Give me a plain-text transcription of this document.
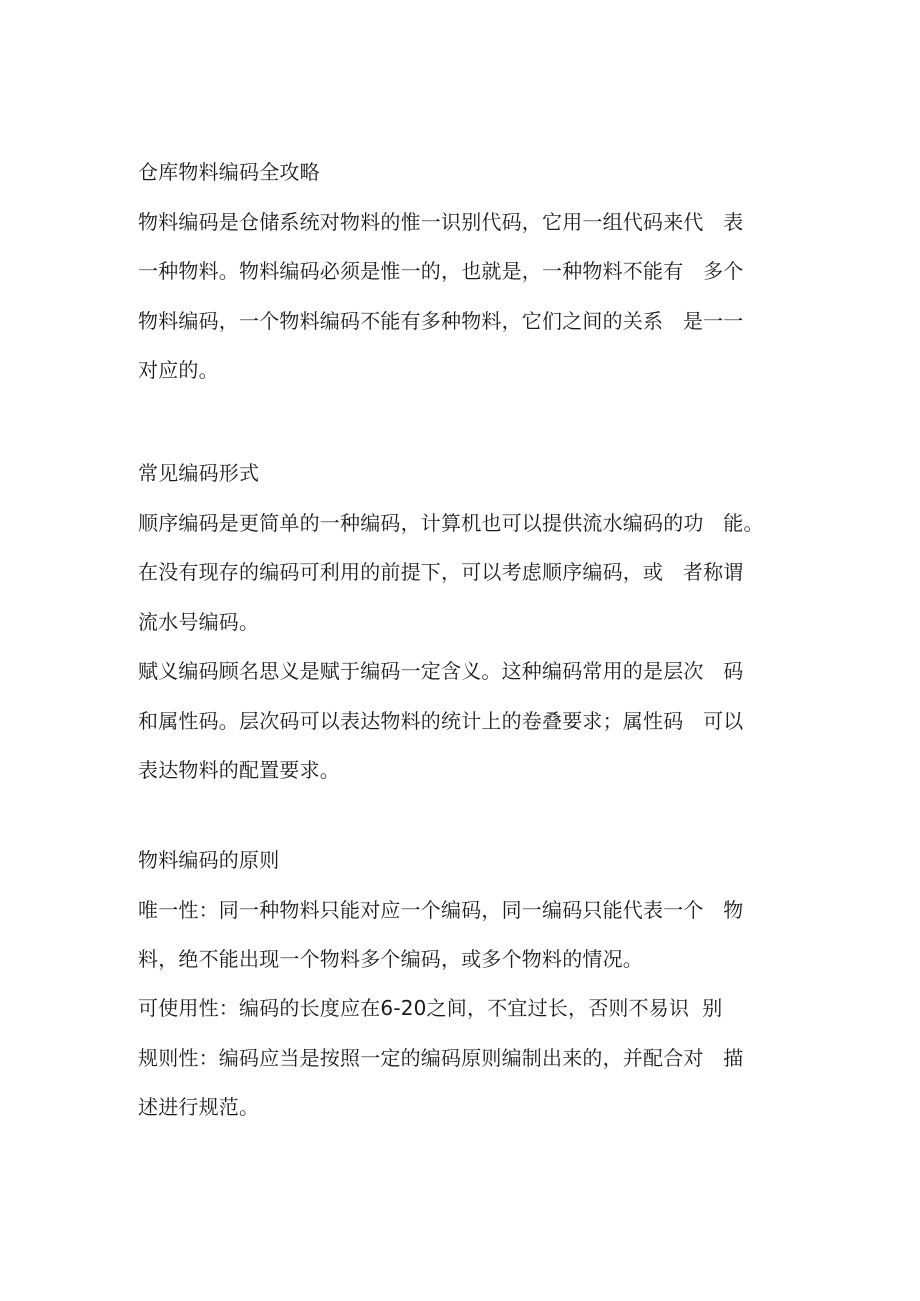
仓库物料编码全攻略
物料编码是仓储系统对物料的惟一识别代码，它用一组代码来代   表
一种物料。物料编码必须是惟一的，也就是，一种物料不能有   多个
物料编码，一个物料编码不能有多种物料，它们之间的关系   是一一
对应的。
常见编码形式
顺序编码是更简单的一种编码，计算机也可以提供流水编码的功   能。
在没有现存的编码可利用的前提下，可以考虑顺序编码，或   者称谓
流水号编码。
赋义编码顾名思义是赋于编码一定含义。这种编码常用的是层次   码
和属性码。层次码可以表达物料的统计上的卷叠要求；属性码   可以
表达物料的配置要求。
物料编码的原则
唯一性：同一种物料只能对应一个编码，同一编码只能代表一个   物
料，绝不能出现一个物料多个编码，或多个物料的情况。
可使用性：编码的长度应在6-20之间，不宜过长，否则不易识  别
规则性：编码应当是按照一定的编码原则编制出来的，并配合对   描
述进行规范。
